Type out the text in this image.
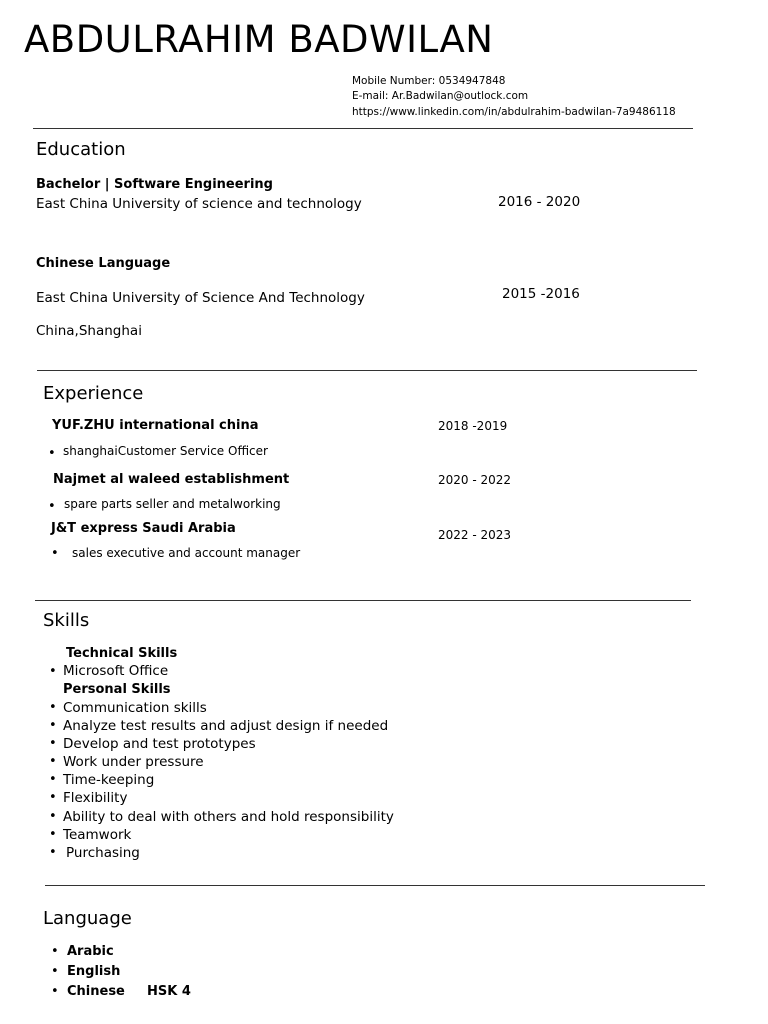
ABDULRAHIM BADWILAN
Mobile Number: 0534947848
E-mail: Ar.Badwilan@outlock.com
https://www.linkedin.com/in/abdulrahim-badwilan-7a9486118
Education
Bachelor | Software Engineering
East China University of science and technology	2016 - 2020
Chinese Language
East China University of Science And Technology	2015 -2016
China,Shanghai
Experience
YUF.ZHU international china	2018 -2019
• shanghaiCustomer Service Officer
Najmet al waleed establishment	2020 - 2022
• spare parts seller and metalworking
J&T express Saudi Arabia	2022 - 2023
• sales executive and account manager
Skills
Technical Skills
• Microsoft Office
Personal Skills
• Communication skills
• Analyze test results and adjust design if needed
• Develop and test prototypes
• Work under pressure
• Time-keeping
• Flexibility
• Ability to deal with others and hold responsibility
• Teamwork
• Purchasing
Language
• Arabic
• English
• Chinese HSK 4
